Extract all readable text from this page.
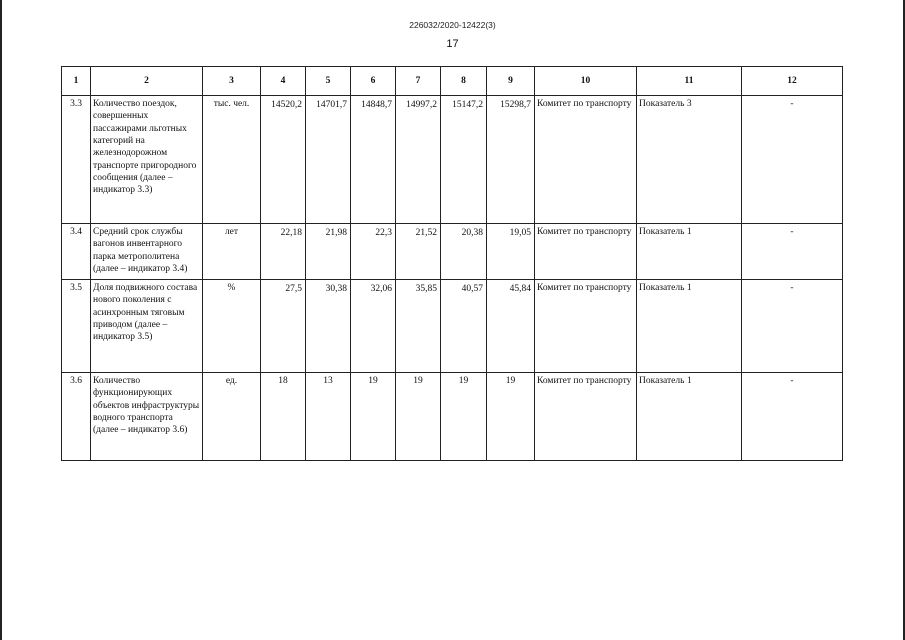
226032/2020-12422(3)
17
1	2	3	4	5	6	7	8	9	10	11	12
3.3	Количество поездок, совершенных пассажирами льготных категорий на железнодорожном транспорте пригородного сообщения (далее – индикатор 3.3)	тыс. чел.	14520,2	14701,7	14848,7	14997,2	15147,2	15298,7	Комитет по транспорту	Показатель 3	-
3.4	Средний срок службы вагонов инвентарного парка метрополитена (далее – индикатор 3.4)	лет	22,18	21,98	22,3	21,52	20,38	19,05	Комитет по транспорту	Показатель 1	-
3.5	Доля подвижного состава нового поколения с асинхронным тяговым приводом (далее – индикатор 3.5)	%	27,5	30,38	32,06	35,85	40,57	45,84	Комитет по транспорту	Показатель 1	-
3.6	Количество функционирующих объектов инфраструктуры водного транспорта (далее – индикатор 3.6)	ед.	18	13	19	19	19	19	Комитет по транспорту	Показатель 1	-
